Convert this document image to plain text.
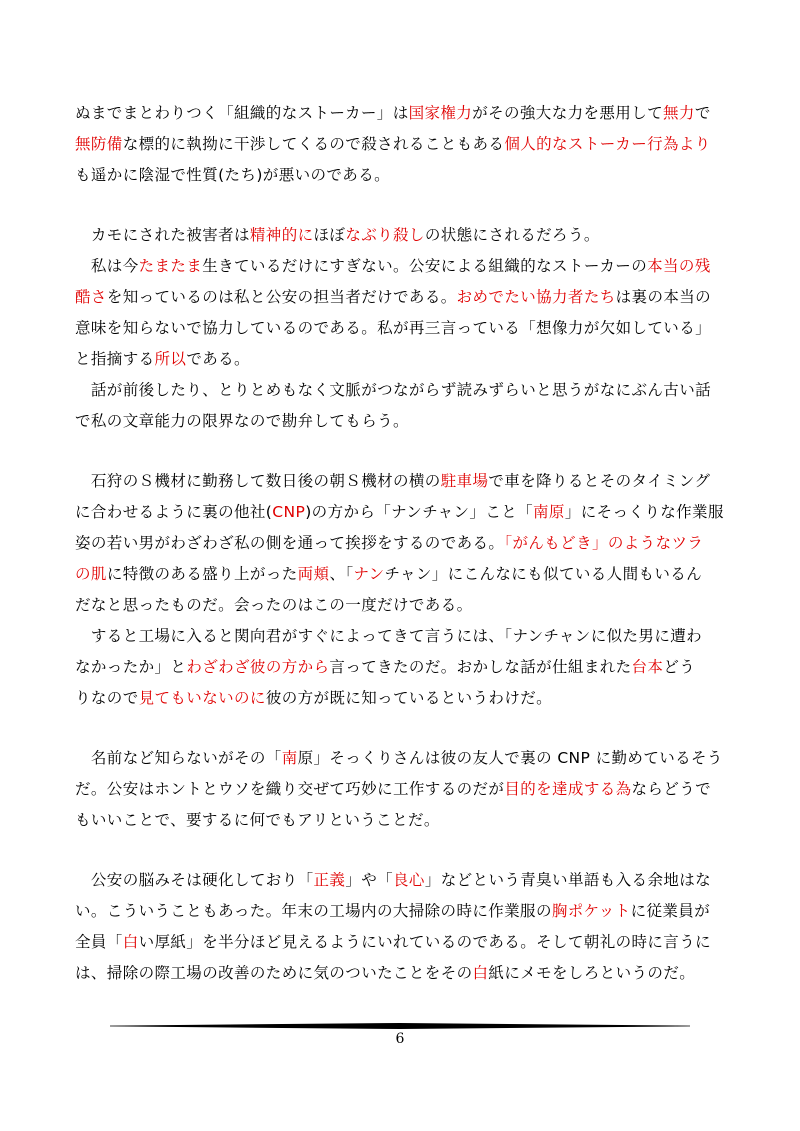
ぬまでまとわりつく「組織的なストーカー」は国家権力がその強大な力を悪用して無力で
無防備な標的に執拗に干渉してくるので殺されることもある個人的なストーカー行為より
も遥かに陰湿で性質(たち)が悪いのである。
　カモにされた被害者は精神的にほぼなぶり殺しの状態にされるだろう。
　私は今たまたま生きているだけにすぎない。公安による組織的なストーカーの本当の残
酷さを知っているのは私と公安の担当者だけである。おめでたい協力者たちは裏の本当の
意味を知らないで協力しているのである。私が再三言っている「想像力が欠如している」
と指摘する所以である。
　話が前後したり、とりとめもなく文脈がつながらず読みずらいと思うがなにぶん古い話
で私の文章能力の限界なので勘弁してもらう。
　石狩のＳ機材に勤務して数日後の朝Ｓ機材の横の駐車場で車を降りるとそのタイミング
に合わせるように裏の他社(CNP)の方から「ナンチャン」こと「南原」にそっくりな作業服
姿の若い男がわざわざ私の側を通って挨拶をするのである。「がんもどき」のようなツラ
の肌に特徴のある盛り上がった両頬、「ナンチャン」にこんなにも似ている人間もいるん
だなと思ったものだ。会ったのはこの一度だけである。
　すると工場に入ると関向君がすぐによってきて言うには、「ナンチャンに似た男に遭わ
なかったか」とわざわざ彼の方から言ってきたのだ。おかしな話が仕組まれた台本どう
りなので見てもいないのに彼の方が既に知っているというわけだ。
　名前など知らないがその「南原」そっくりさんは彼の友人で裏の CNP に勤めているそう
だ。公安はホントとウソを織り交ぜて巧妙に工作するのだが目的を達成する為ならどうで
もいいことで、要するに何でもアリということだ。
　公安の脳みそは硬化しており「正義」や「良心」などという青臭い単語も入る余地はな
い。こういうこともあった。年末の工場内の大掃除の時に作業服の胸ポケットに従業員が
全員「白い厚紙」を半分ほど見えるようにいれているのである。そして朝礼の時に言うに
は、掃除の際工場の改善のために気のついたことをその白紙にメモをしろというのだ。
6
